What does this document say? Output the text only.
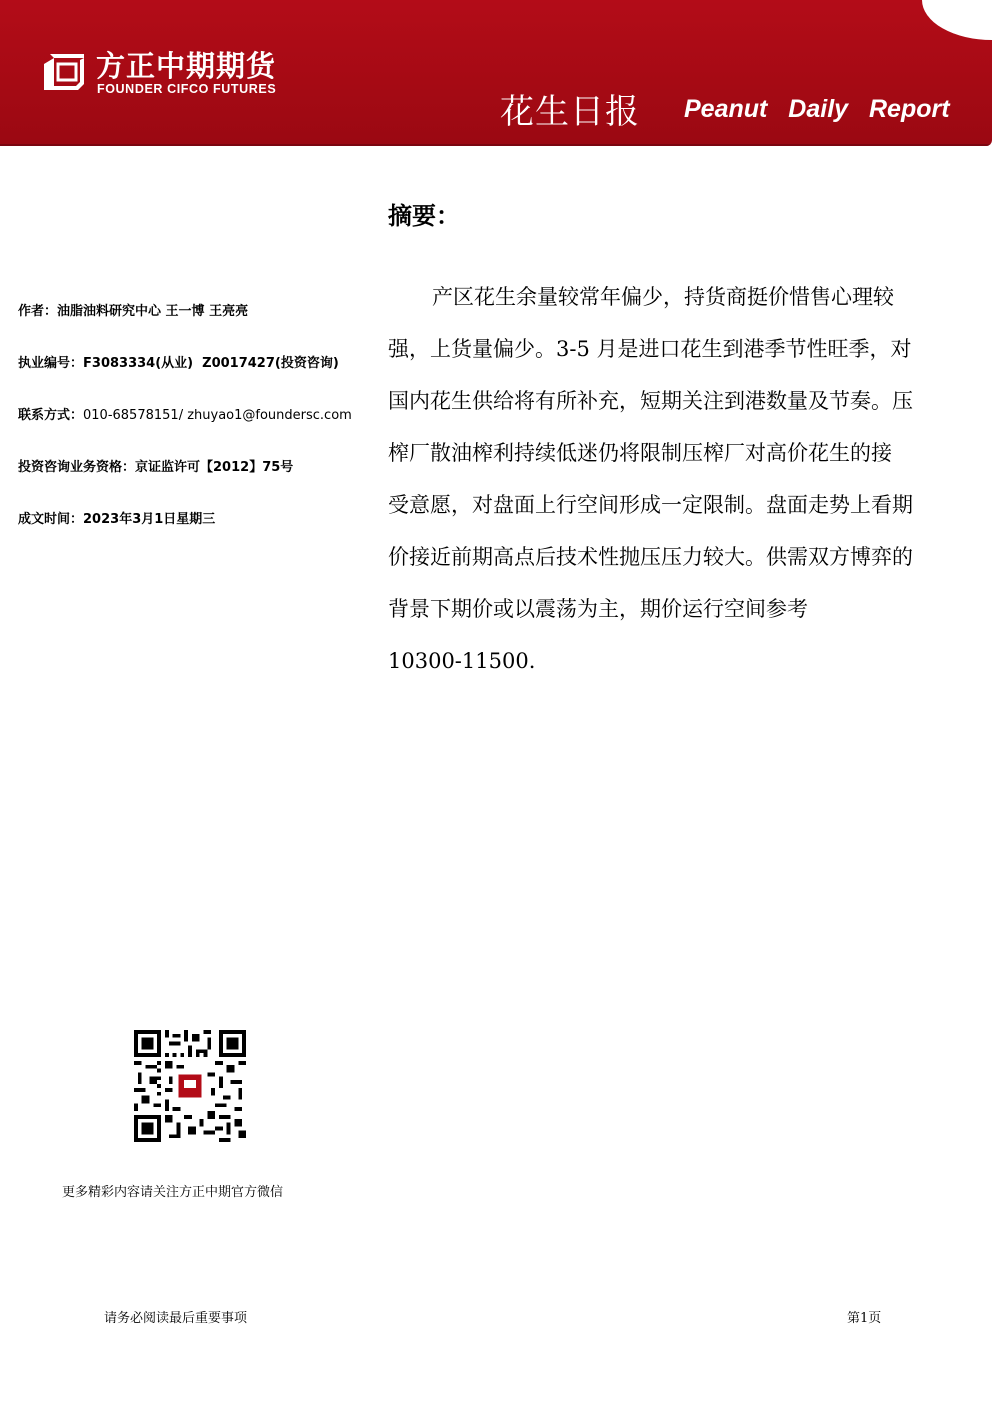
方正中期期货
FOUNDER CIFCO FUTURES
花生日报 Peanut Daily Report
作者：油脂油料研究中心 王一博 王亮亮
执业编号：F3083334(从业)  Z0017427(投资咨询)
联系方式：010-68578151/ zhuyao1@foundersc.com
投资咨询业务资格：京证监许可【2012】75号
成文时间：2023年3月1日星期三
摘要：
产区花生余量较常年偏少，持货商挺价惜售心理较
强，上货量偏少。3-5 月是进口花生到港季节性旺季，对
国内花生供给将有所补充，短期关注到港数量及节奏。压
榨厂散油榨利持续低迷仍将限制压榨厂对高价花生的接
受意愿，对盘面上行空间形成一定限制。盘面走势上看期
价接近前期高点后技术性抛压压力较大。供需双方博弈的
背景下期价或以震荡为主，期价运行空间参考
10300-11500.
更多精彩内容请关注方正中期官方微信
请务必阅读最后重要事项	第1页
